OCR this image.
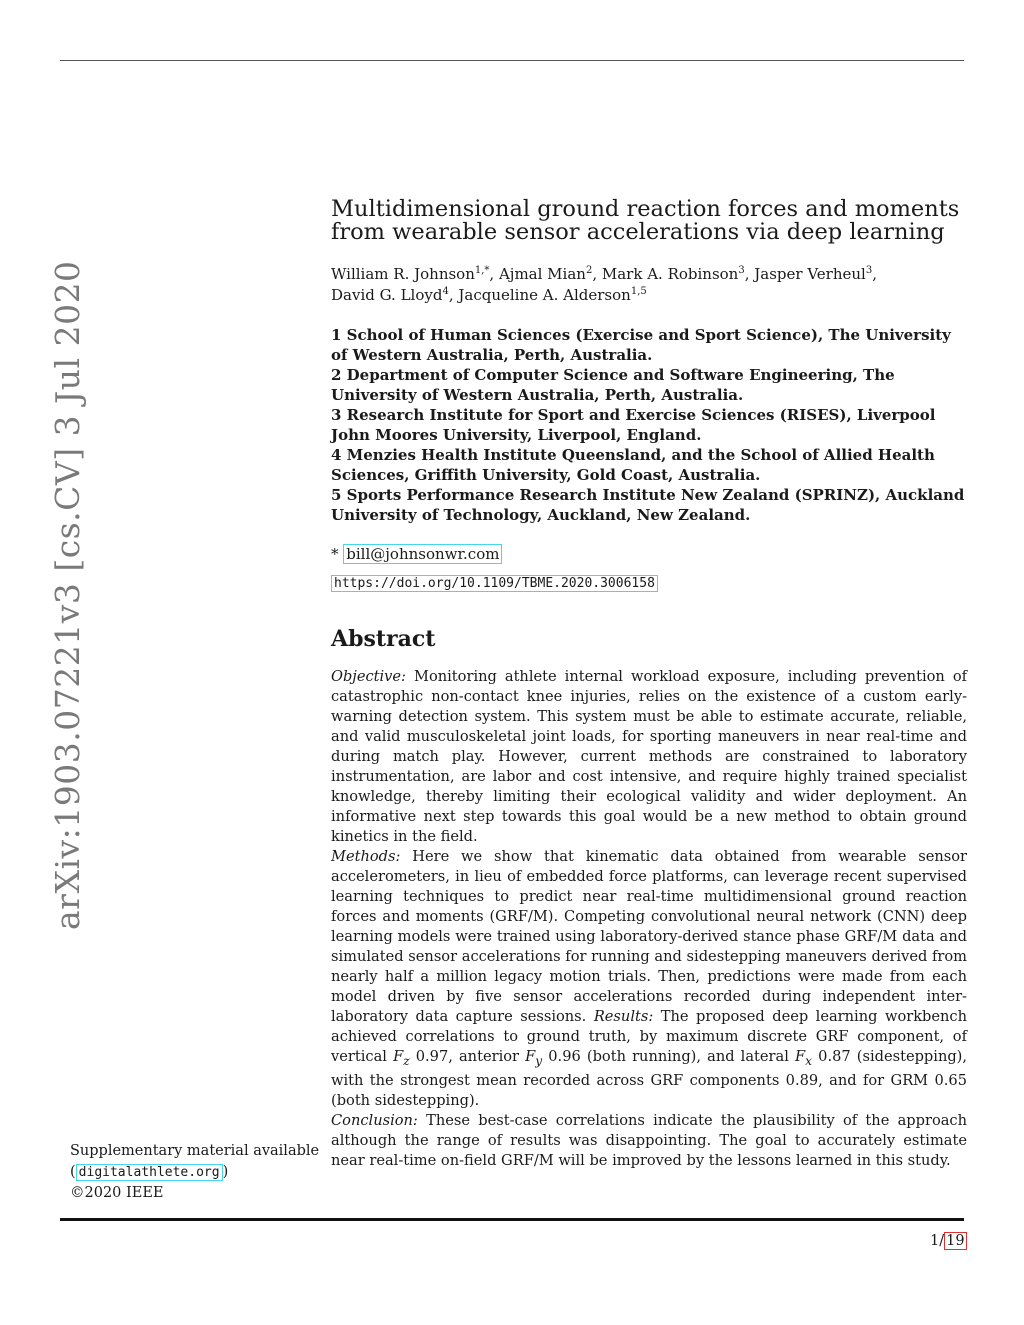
arXiv:1903.07221v3 [cs.CV] 3 Jul 2020
Multidimensional ground reaction forces and moments from wearable sensor accelerations via deep learning
William R. Johnson$^{1,*}$, Ajmal Mian$^2$, Mark A. Robinson$^3$, Jasper Verheul$^3$,
David G. Lloyd$^4$, Jacqueline A. Alderson$^{1,5}$
1 School of Human Sciences (Exercise and Sport Science), The University of Western Australia, Perth, Australia.
2 Department of Computer Science and Software Engineering, The University of Western Australia, Perth, Australia.
3 Research Institute for Sport and Exercise Sciences (RISES), Liverpool John Moores University, Liverpool, England.
4 Menzies Health Institute Queensland, and the School of Allied Health Sciences, Griffith University, Gold Coast, Australia.
5 Sports Performance Research Institute New Zealand (SPRINZ), Auckland University of Technology, Auckland, New Zealand.
* bill@johnsonwr.com
https://doi.org/10.1109/TBME.2020.3006158
Abstract
Objective: Monitoring athlete internal workload exposure, including prevention of catastrophic non-contact knee injuries, relies on the existence of a custom early-warning detection system. This system must be able to estimate accurate, reliable, and valid musculoskeletal joint loads, for sporting maneuvers in near real-time and during match play. However, current methods are constrained to laboratory instrumentation, are labor and cost intensive, and require highly trained specialist knowledge, thereby limiting their ecological validity and wider deployment. An informative next step towards this goal would be a new method to obtain ground kinetics in the field.
Methods: Here we show that kinematic data obtained from wearable sensor accelerometers, in lieu of embedded force platforms, can leverage recent supervised learning techniques to predict near real-time multidimensional ground reaction forces and moments (GRF/M). Competing convolutional neural network (CNN) deep learning models were trained using laboratory-derived stance phase GRF/M data and simulated sensor accelerations for running and sidestepping maneuvers derived from nearly half a million legacy motion trials. Then, predictions were made from each model driven by five sensor accelerations recorded during independent inter-laboratory data capture sessions. Results: The proposed deep learning workbench achieved correlations to ground truth, by maximum discrete GRF component, of vertical $F_z$ 0.97, anterior $F_y$ 0.96 (both running), and lateral $F_x$ 0.87 (sidestepping), with the strongest mean recorded across GRF components 0.89, and for GRM 0.65 (both sidestepping).
Conclusion: These best-case correlations indicate the plausibility of the approach although the range of results was disappointing. The goal to accurately estimate near real-time on-field GRF/M will be improved by the lessons learned in this study.
Supplementary material available
( digitalathlete.org )
©2020 IEEE
1/ 19
